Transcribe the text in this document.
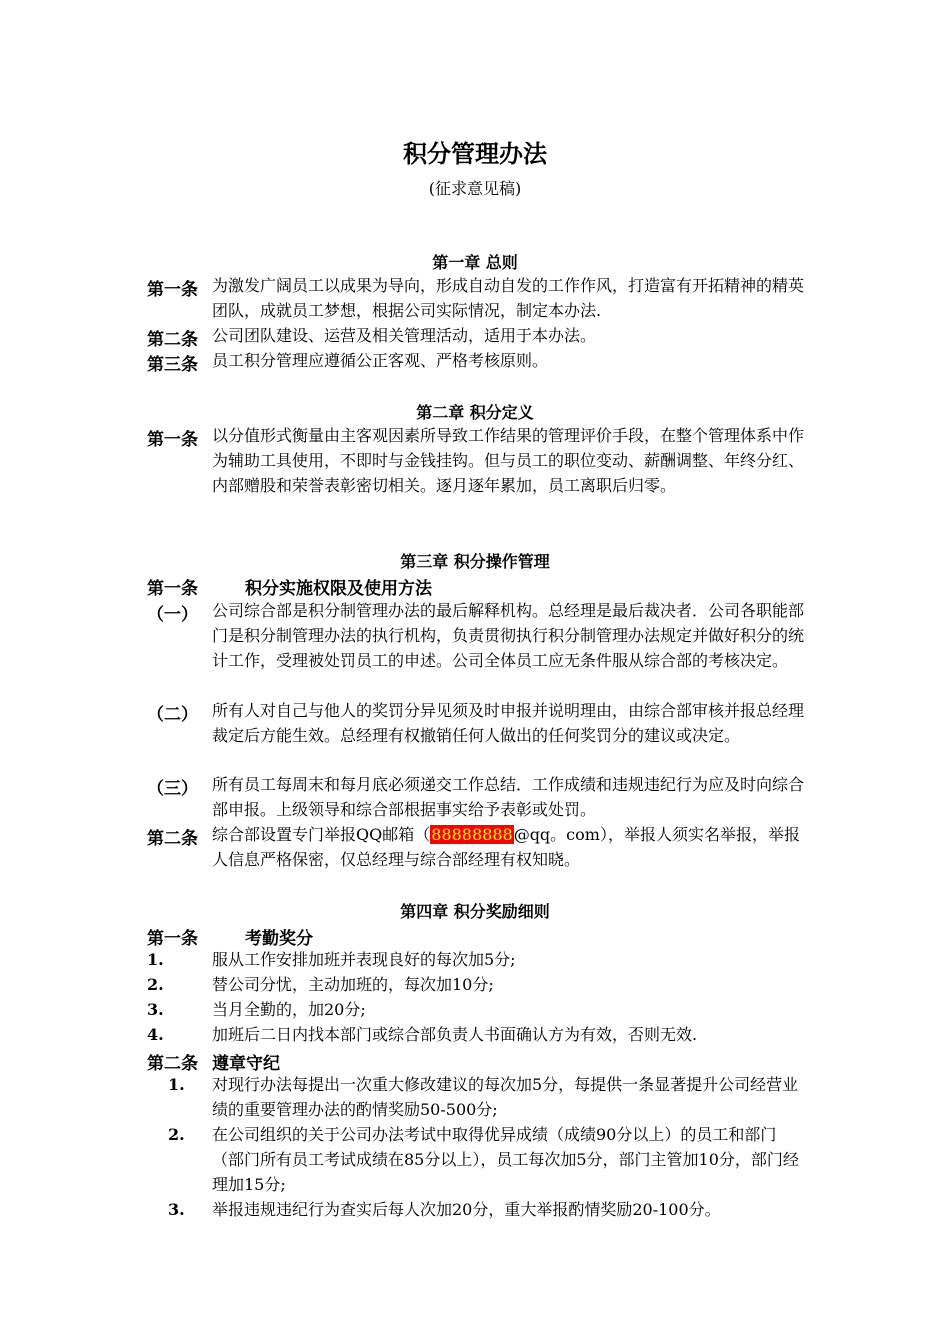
积分管理办法
(征求意见稿)
第一章 总则
第一条 为激发广阔员工以成果为导向，形成自动自发的工作作风，打造富有开拓精神的精英团队，成就员工梦想，根据公司实际情况，制定本办法.
第二条 公司团队建设、运营及相关管理活动，适用于本办法。
第三条 员工积分管理应遵循公正客观、严格考核原则。
第二章 积分定义
第一条 以分值形式衡量由主客观因素所导致工作结果的管理评价手段，在整个管理体系中作为辅助工具使用，不即时与金钱挂钩。但与员工的职位变动、薪酬调整、年终分红、内部赠股和荣誉表彰密切相关。逐月逐年累加，员工离职后归零。
第三章 积分操作管理
第一条	积分实施权限及使用方法
（一） 公司综合部是积分制管理办法的最后解释机构。总经理是最后裁决者．公司各职能部门是积分制管理办法的执行机构，负责贯彻执行积分制管理办法规定并做好积分的统计工作，受理被处罚员工的申述。公司全体员工应无条件服从综合部的考核决定。
（二） 所有人对自己与他人的奖罚分异见须及时申报并说明理由，由综合部审核并报总经理裁定后方能生效。总经理有权撤销任何人做出的任何奖罚分的建议或决定。
（三） 所有员工每周末和每月底必须递交工作总结．工作成绩和违规违纪行为应及时向综合部申报。上级领导和综合部根据事实给予表彰或处罚。
第二条 综合部设置专门举报QQ邮箱（88888888@qq。com），举报人须实名举报，举报人信息严格保密，仅总经理与综合部经理有权知晓。
第四章 积分奖励细则
第一条	考勤奖分
1.	服从工作安排加班并表现良好的每次加5分;
2.	替公司分忧，主动加班的，每次加10分;
3.	当月全勤的，加20分;
4.	加班后二日内找本部门或综合部负责人书面确认方为有效，否则无效.
第二条 遵章守纪
1. 对现行办法每提出一次重大修改建议的每次加5分，每提供一条显著提升公司经营业绩的重要管理办法的酌情奖励50-500分;
2. 在公司组织的关于公司办法考试中取得优异成绩（成绩90分以上）的员工和部门（部门所有员工考试成绩在85分以上），员工每次加5分，部门主管加10分，部门经理加15分;
3. 举报违规违纪行为查实后每人次加20分，重大举报酌情奖励20-100分。
